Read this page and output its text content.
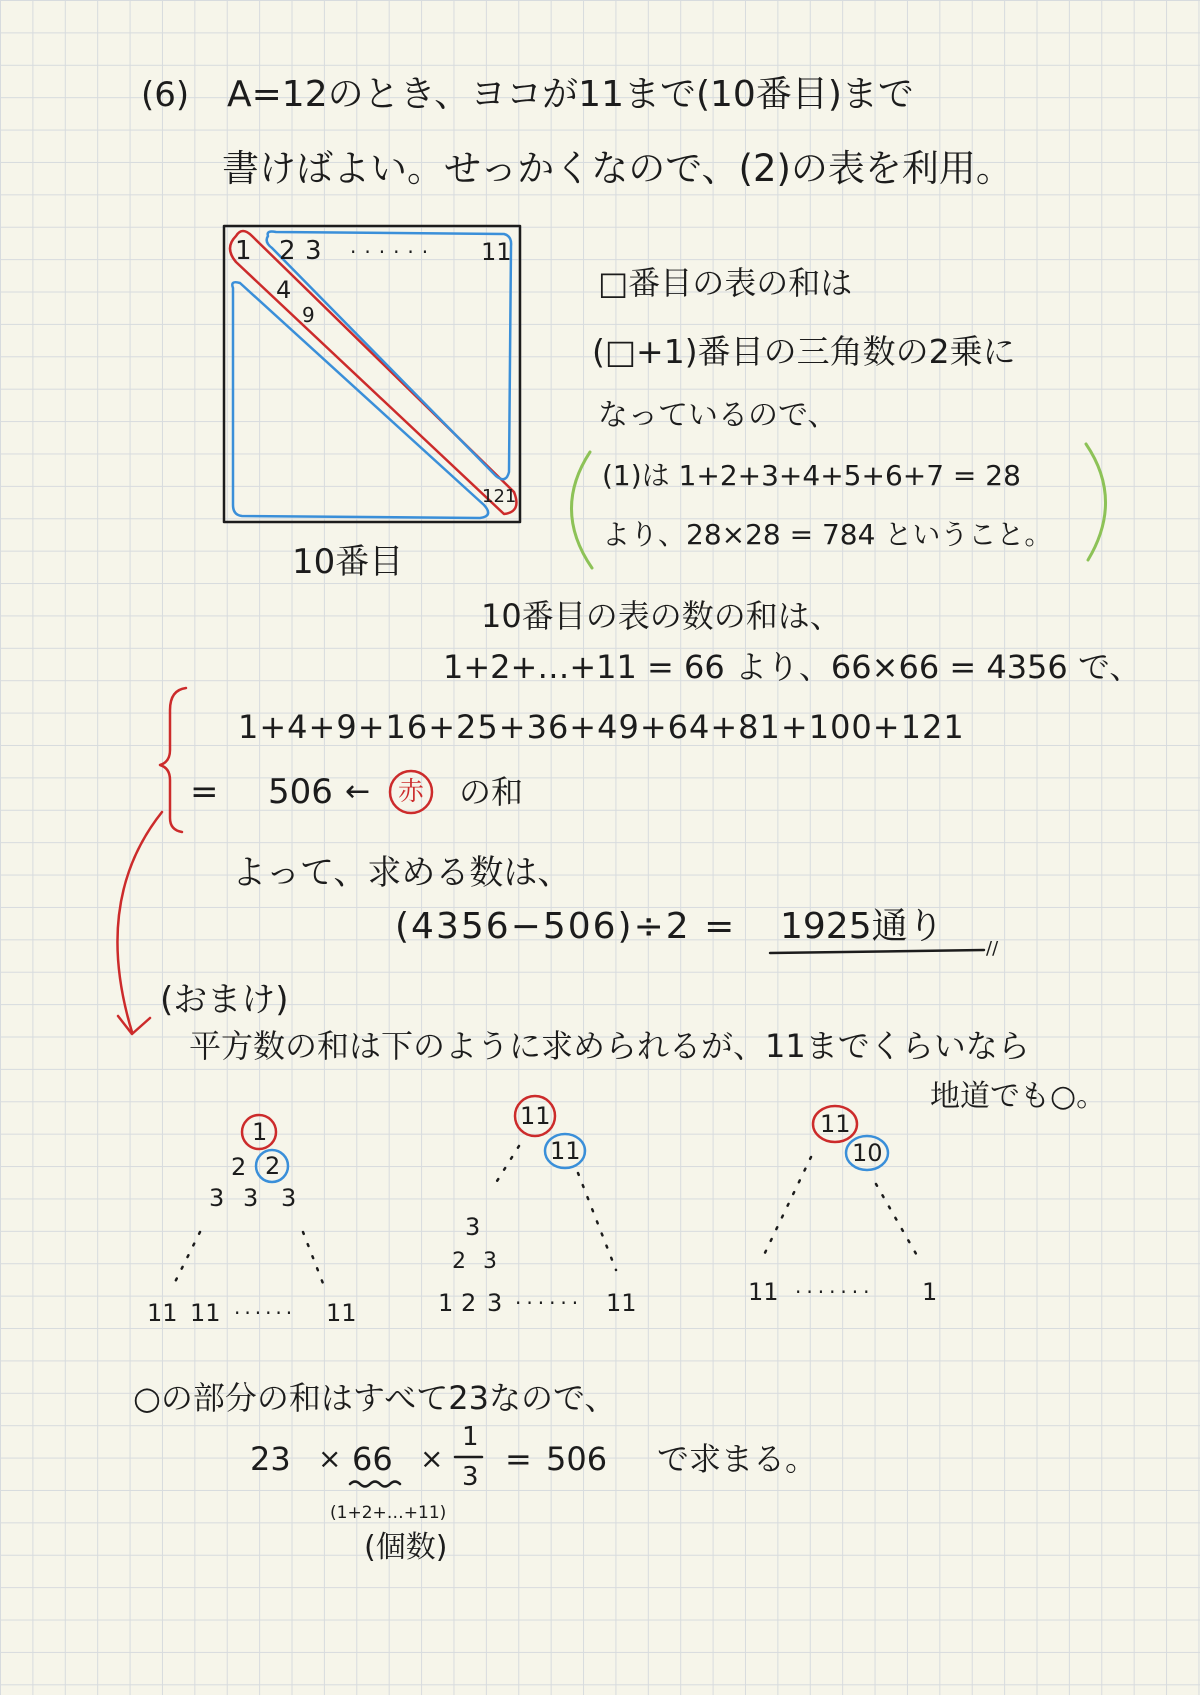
(6) A=12のとき、ヨコが11まで(10番目)まで
書けばよい。せっかくなので、(2)の表を利用。
1 2 3 ······ 11
4
9
121
10番目
□番目の表の和は
(□+1)番目の三角数の2乗に
なっているので、
(1)は 1+2+3+4+5+6+7 = 28
より、28×28 = 784 ということ。
10番目の表の数の和は、
1+2+…+11 = 66 より、66×66 = 4356 で、
1+4+9+16+25+36+49+64+81+100+121
= 506 ← 赤 の和
よって、求める数は、
(4356−506)÷2 = 1925通り
//
(おまけ)
平方数の和は下のように求められるが、11までくらいなら
地道でも○。
1
2 2
3 3 3
11 11 ······ 11
11
11
3
2 3
1 2 3 ······ 11
11
10
11 ······· 1
○の部分の和はすべて23なので、
23 × 66 ×
1
3 = 506 で求まる。
(1+2+…+11)
(個数)
